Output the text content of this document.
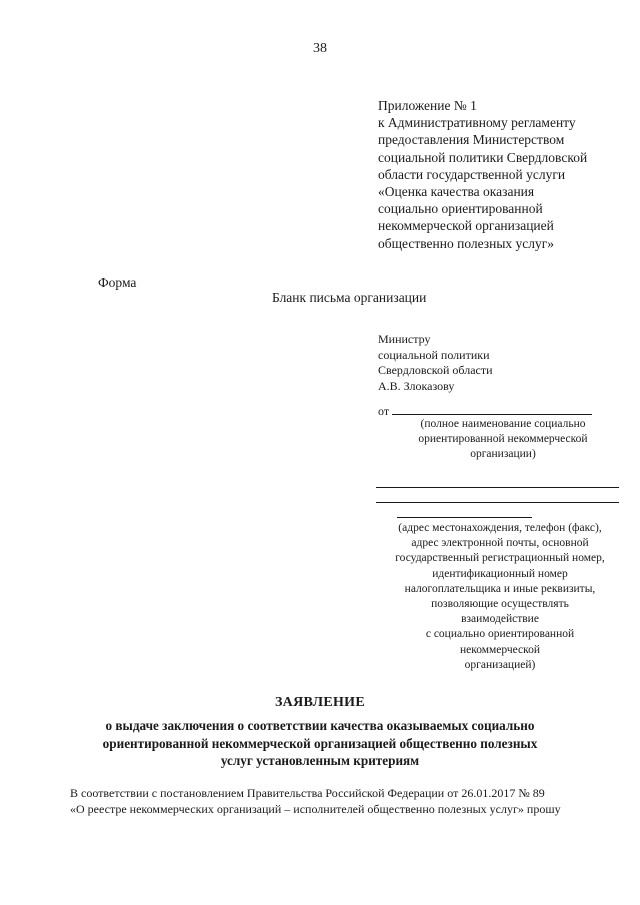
38
Приложение № 1
к Административному регламенту
предоставления Министерством
социальной политики Свердловской
области государственной услуги
«Оценка качества оказания
социально ориентированной
некоммерческой организацией
общественно полезных услуг»
Форма
Бланк письма организации
Министру
социальной политики
Свердловской области
А.В. Злоказову
от
(полное наименование социально
ориентированной некоммерческой
организации)
(адрес местонахождения, телефон (факс),
адрес электронной почты, основной
государственный регистрационный номер,
идентификационный номер
налогоплательщика и иные реквизиты,
позволяющие осуществлять
взаимодействие
с социально ориентированной
некоммерческой
организацией)
ЗАЯВЛЕНИЕ
о выдаче заключения о соответствии качества оказываемых социально
ориентированной некоммерческой организацией общественно полезных
услуг установленным критериям
В соответствии с постановлением Правительства Российской Федерации от 26.01.2017 № 89
«О реестре некоммерческих организаций – исполнителей общественно полезных услуг» прошу
